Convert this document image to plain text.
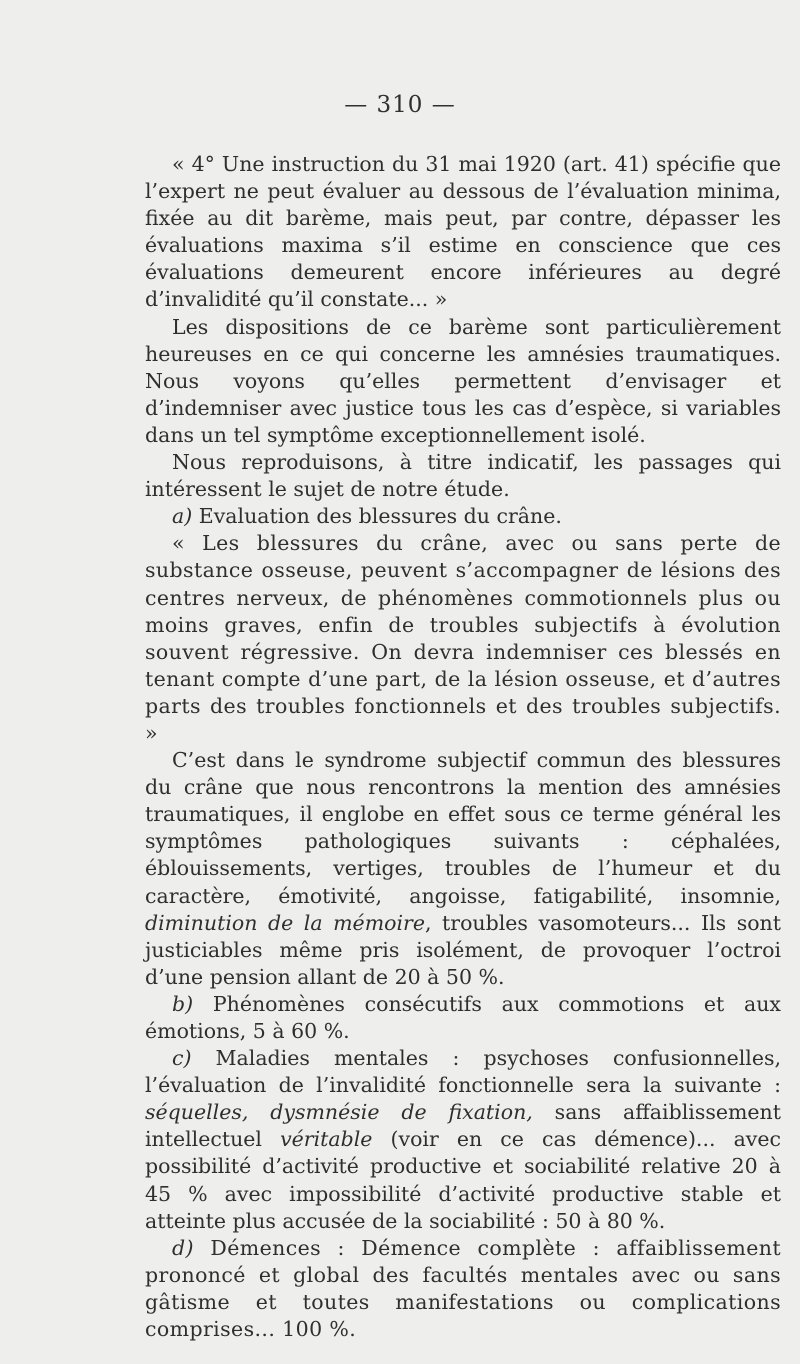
— 310 —

« 4° Une instruction du 31 mai 1920 (art. 41) spécifie que l’expert ne peut évaluer au dessous de l’évaluation minima, fixée au dit barème, mais peut, par contre, dépasser les évaluations maxima s’il estime en conscience que ces évaluations demeurent encore inférieures au degré d’invalidité qu’il constate... »

Les dispositions de ce barème sont particulièrement heureuses en ce qui concerne les amnésies traumatiques. Nous voyons qu’elles permettent d’envisager et d’indemniser avec justice tous les cas d’espèce, si variables dans un tel symptôme exceptionnellement isolé.

Nous reproduisons, à titre indicatif, les passages qui intéressent le sujet de notre étude.

a) Evaluation des blessures du crâne.

« Les blessures du crâne, avec ou sans perte de substance osseuse, peuvent s’accompagner de lésions des centres nerveux, de phénomènes commotionnels plus ou moins graves, enfin de troubles subjectifs à évolution souvent régressive. On devra indemniser ces blessés en tenant compte d’une part, de la lésion osseuse, et d’autres parts des troubles fonctionnels et des troubles subjectifs. »

C’est dans le syndrome subjectif commun des blessures du crâne que nous rencontrons la mention des amnésies traumatiques, il englobe en effet sous ce terme général les symptômes pathologiques suivants : céphalées, éblouissements, vertiges, troubles de l’humeur et du caractère, émotivité, angoisse, fatigabilité, insomnie, diminution de la mémoire, troubles vasomoteurs... Ils sont justiciables même pris isolément, de provoquer l’octroi d’une pension allant de 20 à 50 %.

b) Phénomènes consécutifs aux commotions et aux émotions, 5 à 60 %.

c) Maladies mentales : psychoses confusionnelles, l’évaluation de l’invalidité fonctionnelle sera la suivante : séquelles, dysmnésie de fixation, sans affaiblissement intellectuel véritable (voir en ce cas démence)... avec possibilité d’activité productive et sociabilité relative 20 à 45 % avec impossibilité d’activité productive stable et atteinte plus accusée de la sociabilité : 50 à 80 %.

d) Démences : Démence complète : affaiblissement prononcé et global des facultés mentales avec ou sans gâtisme et toutes manifestations ou complications comprises... 100 %.
